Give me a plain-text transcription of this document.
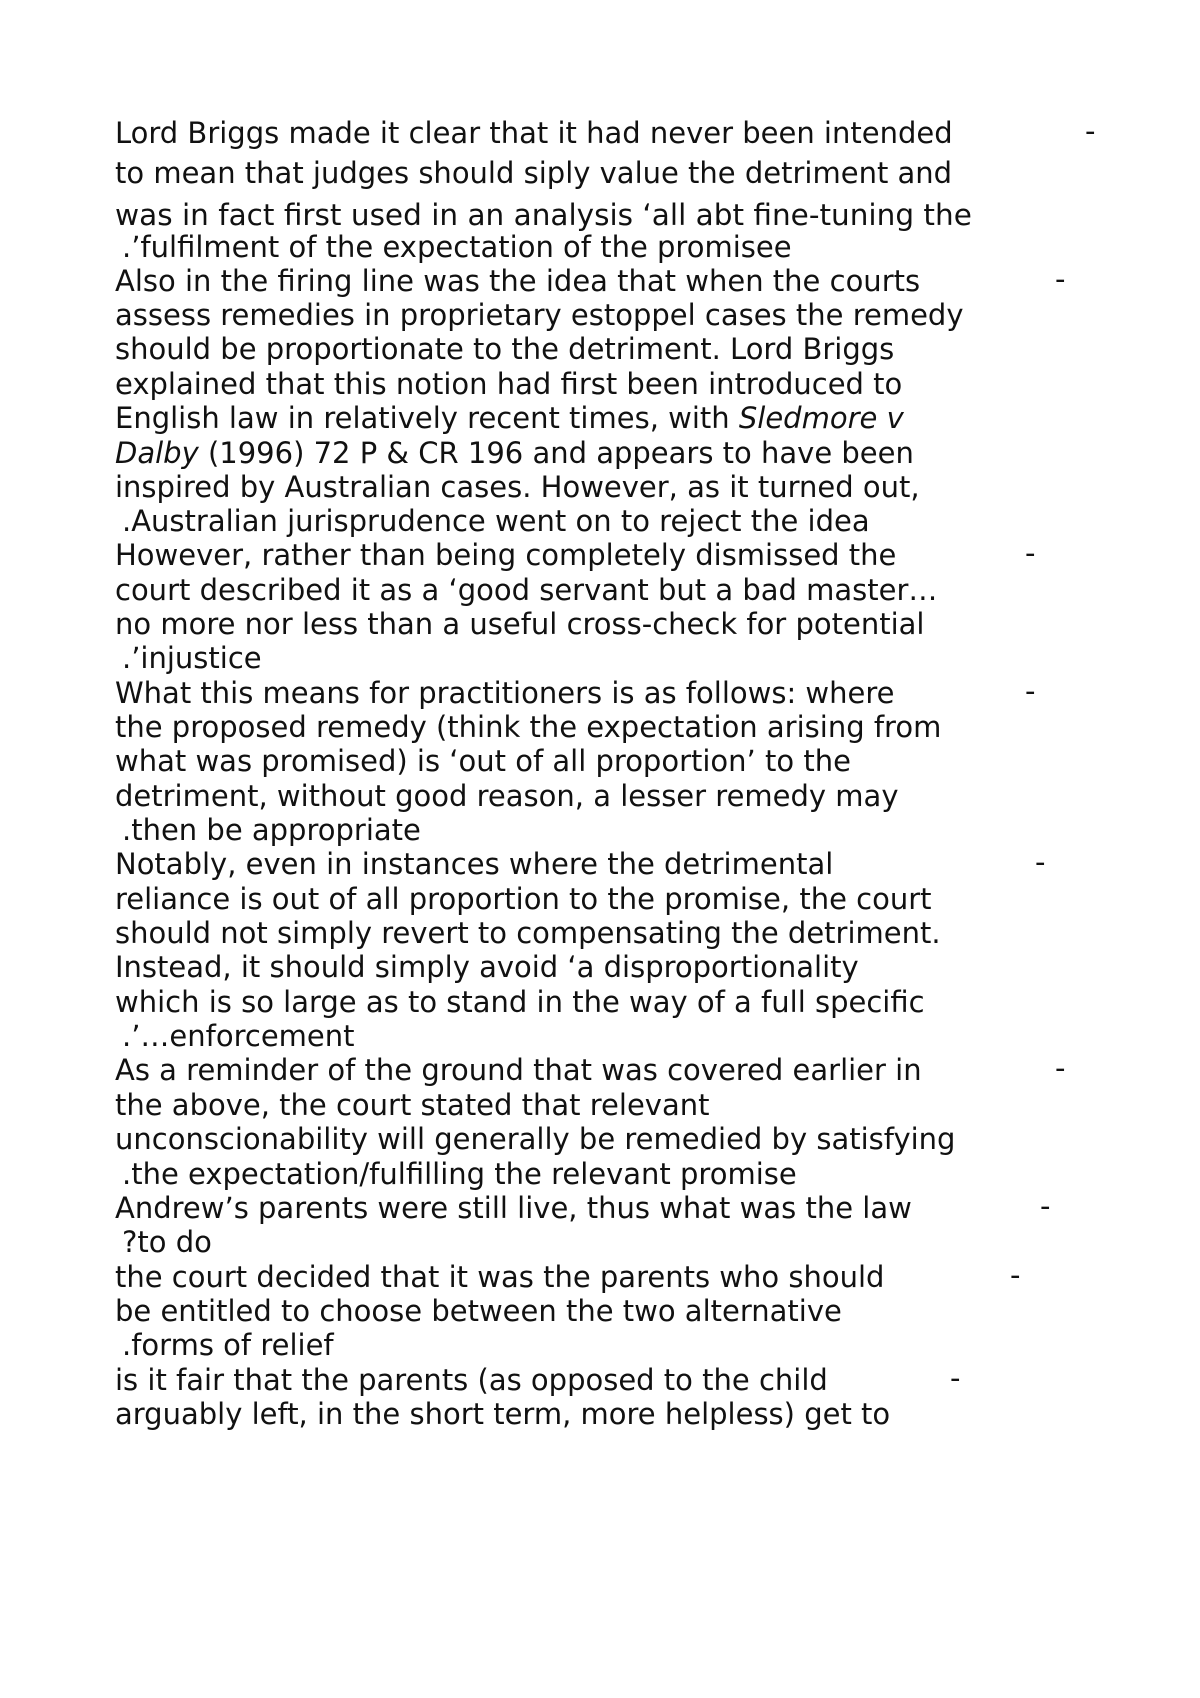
-
Lord Briggs made it clear that it had never been intended
to mean that judges should siply value the detriment and
was in fact first used in an analysis ‘all abt fine-tuning the
.’fulfilment of the expectation of the promisee
-
Also in the firing line was the idea that when the courts
assess remedies in proprietary estoppel cases the remedy
should be proportionate to the detriment. Lord Briggs
explained that this notion had first been introduced to
English law in relatively recent times, with Sledmore v
Dalby (1996) 72 P & CR 196 and appears to have been
inspired by Australian cases. However, as it turned out,
.Australian jurisprudence went on to reject the idea
-
However, rather than being completely dismissed the
court described it as a ‘good servant but a bad master…
no more nor less than a useful cross-check for potential
.’injustice
-
What this means for practitioners is as follows: where
the proposed remedy (think the expectation arising from
what was promised) is ‘out of all proportion’ to the
detriment, without good reason, a lesser remedy may
.then be appropriate
-
Notably, even in instances where the detrimental
reliance is out of all proportion to the promise, the court
should not simply revert to compensating the detriment.
Instead, it should simply avoid ‘a disproportionality
which is so large as to stand in the way of a full specific
.’…enforcement
-
As a reminder of the ground that was covered earlier in
the above, the court stated that relevant
unconscionability will generally be remedied by satisfying
.the expectation/fulfilling the relevant promise
-
Andrew’s parents were still live, thus what was the law
?to do
-
the court decided that it was the parents who should
be entitled to choose between the two alternative
.forms of relief
-
is it fair that the parents (as opposed to the child
arguably left, in the short term, more helpless) get to
